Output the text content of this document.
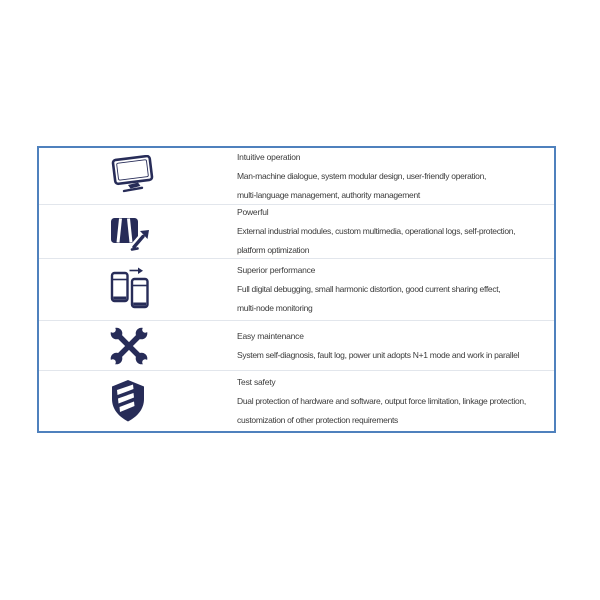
Intuitive operation
Man-machine dialogue, system modular design, user-friendly operation,
multi-language management, authority management
Powerful
External industrial modules, custom multimedia, operational logs, self-protection,
platform optimization
Superior performance
Full digital debugging, small harmonic distortion, good current sharing effect,
multi-node monitoring
Easy maintenance
System self-diagnosis, fault log, power unit adopts N+1 mode and work in parallel
Test safety
Dual protection of hardware and software, output force limitation, linkage protection,
customization of other protection requirements
